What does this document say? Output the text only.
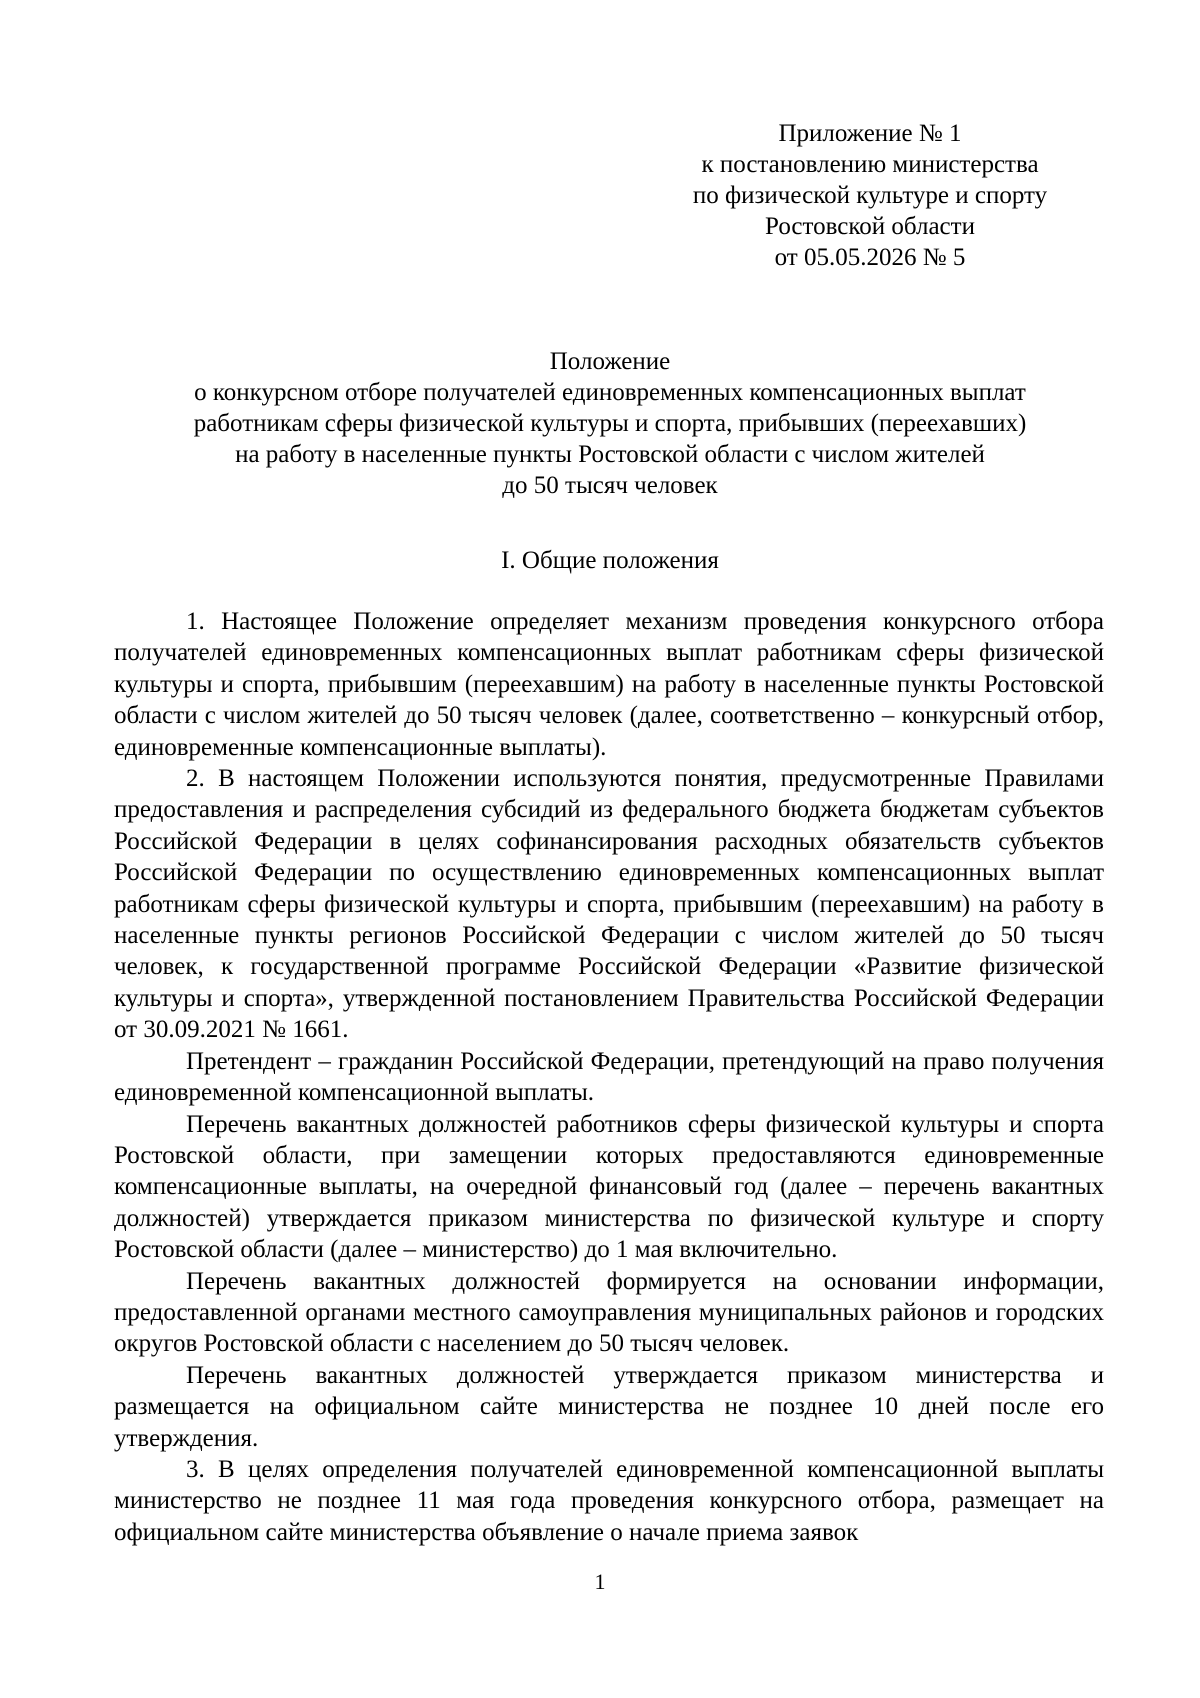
Приложение № 1
к постановлению министерства
по физической культуре и спорту
Ростовской области
от 05.05.2026 № 5
Положение
о конкурсном отборе получателей единовременных компенсационных выплат
работникам сферы физической культуры и спорта, прибывших (переехавших)
на работу в населенные пункты Ростовской области с числом жителей
до 50 тысяч человек
I. Общие положения

1. Настоящее Положение определяет механизм проведения конкурсного отбора получателей единовременных компенсационных выплат работникам сферы физической культуры и спорта, прибывшим (переехавшим) на работу в населенные пункты Ростовской области с числом жителей до 50 тысяч человек (далее, соответственно – конкурсный отбор, единовременные компенсационные выплаты).

2. В настоящем Положении используются понятия, предусмотренные Правилами предоставления и распределения субсидий из федерального бюджета бюджетам субъектов Российской Федерации в целях софинансирования расходных обязательств субъектов Российской Федерации по осуществлению единовременных компенсационных выплат работникам сферы физической культуры и спорта, прибывшим (переехавшим) на работу в населенные пункты регионов Российской Федерации с числом жителей до 50 тысяч человек, к государственной программе Российской Федерации «Развитие физической культуры и спорта», утвержденной постановлением Правительства Российской Федерации от 30.09.2021 № 1661.

Претендент – гражданин Российской Федерации, претендующий на право получения единовременной компенсационной выплаты.

Перечень вакантных должностей работников сферы физической культуры и спорта Ростовской области, при замещении которых предоставляются единовременные компенсационные выплаты, на очередной финансовый год (далее – перечень вакантных должностей) утверждается приказом министерства по физической культуре и спорту Ростовской области (далее – министерство) до 1 мая включительно.

Перечень вакантных должностей формируется на основании информации, предоставленной органами местного самоуправления муниципальных районов и городских округов Ростовской области с населением до 50 тысяч человек.

Перечень вакантных должностей утверждается приказом министерства и размещается на официальном сайте министерства не позднее 10 дней после его утверждения.

3. В целях определения получателей единовременной компенсационной выплаты министерство не позднее 11 мая года проведения конкурсного отбора, размещает на официальном сайте министерства объявление о начале приема заявок

1
